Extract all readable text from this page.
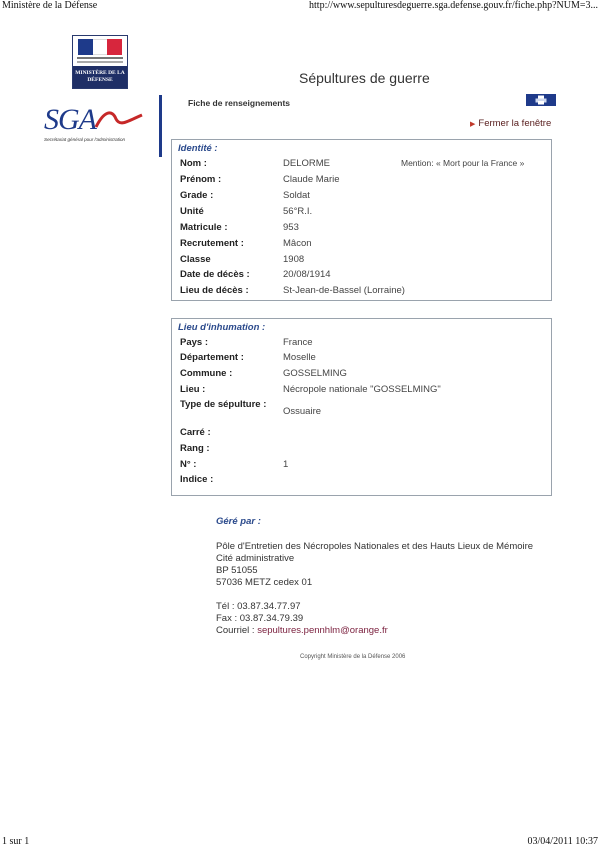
Ministère de la Défense	http://www.sepulturesdeguerre.sga.defense.gouv.fr/fiche.php?NUM=3...
MINISTÈRE DE LA DÉFENSE	Sépultures de guerre
SGA
Secrétariat général pour l'administration
Fiche de renseignements
▶ Fermer la fenêtre
Identité :
Mention: « Mort pour la France »
Nom :	DELORME
Prénom :	Claude Marie
Grade :	Soldat
Unité	56°R.I.
Matricule :	953
Recrutement :	Mâcon
Classe	1908
Date de décès :	20/08/1914
Lieu de décès :	St-Jean-de-Bassel (Lorraine)
Lieu d'inhumation :
Pays :	France
Département :	Moselle
Commune :	GOSSELMING
Lieu :	Nécropole nationale "GOSSELMING"
Type de sépulture :
Ossuaire
Carré :
Rang :
N° :	1
Indice :
Géré par :
Pôle d'Entretien des Nécropoles Nationales et des Hauts Lieux de Mémoire
Cité administrative
BP 51055
57036 METZ cedex 01
Tél : 03.87.34.77.97
Fax : 03.87.34.79.39
Courriel : sepultures.pennhlm@orange.fr
Copyright Ministère de la Défense 2006
1 sur 1	03/04/2011 10:37
